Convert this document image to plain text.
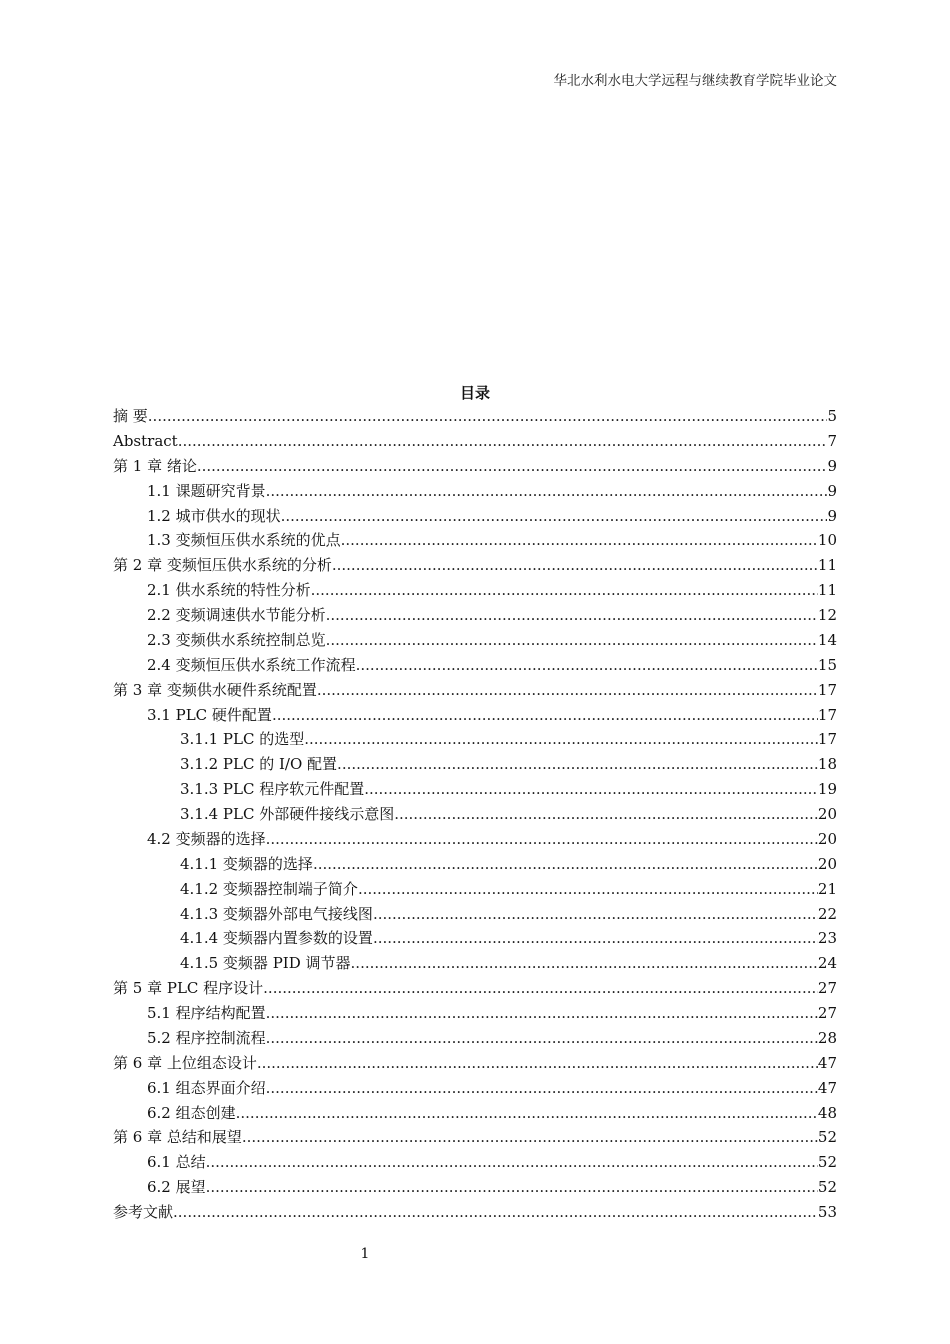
华北水利水电大学远程与继续教育学院毕业论文
目录
摘 要 .....	5
Abstract .....	7
第 1 章 绪论 .....	9
1.1 课题研究背景 .....	9
1.2 城市供水的现状 .....	9
1.3 变频恒压供水系统的优点 .....	10
第 2 章 变频恒压供水系统的分析 .....	11
2.1 供水系统的特性分析 .....	11
2.2 变频调速供水节能分析 .....	12
2.3 变频供水系统控制总览 .....	14
2.4 变频恒压供水系统工作流程 .....	15
第 3 章 变频供水硬件系统配置 .....	17
3.1 PLC 硬件配置 .....	17
3.1.1 PLC 的选型 .....	17
3.1.2 PLC 的 I/O 配置 .....	18
3.1.3 PLC 程序软元件配置 .....	19
3.1.4 PLC 外部硬件接线示意图 .....	20
4.2 变频器的选择 .....	20
4.1.1 变频器的选择 .....	20
4.1.2 变频器控制端子简介 .....	21
4.1.3 变频器外部电气接线图 .....	22
4.1.4 变频器内置参数的设置 .....	23
4.1.5 变频器 PID 调节器 .....	24
第 5 章 PLC 程序设计 .....	27
5.1 程序结构配置 .....	27
5.2 程序控制流程 .....	28
第 6 章 上位组态设计 .....	47
6.1 组态界面介绍 .....	47
6.2 组态创建 .....	48
第 6 章 总结和展望 .....	52
6.1 总结 .....	52
6.2 展望 .....	52
参考文献 .....	53
1
